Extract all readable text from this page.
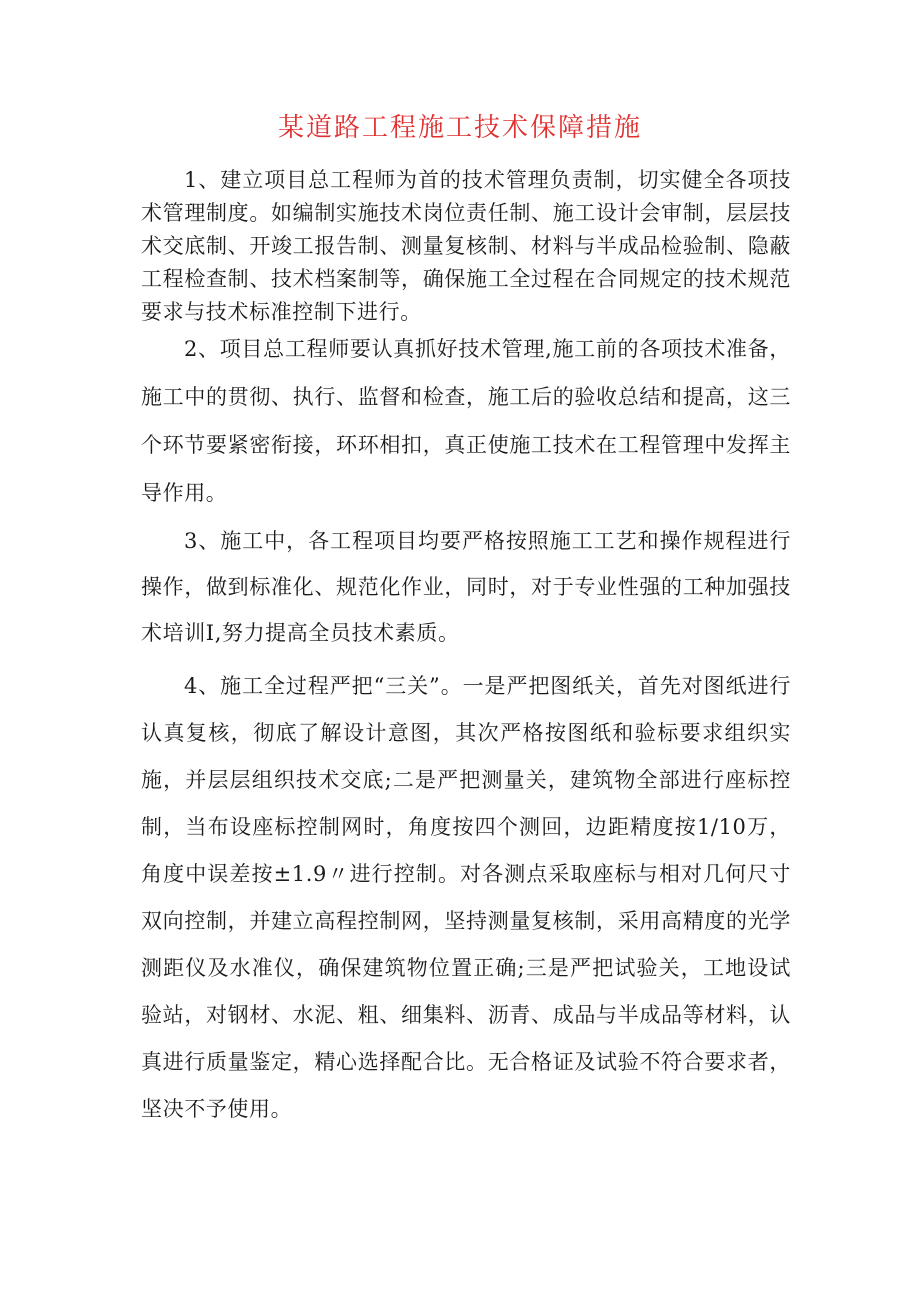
某道路工程施工技术保障措施

1、建立项目总工程师为首的技术管理负责制，切实健全各项技术管理制度。如编制实施技术岗位责任制、施工设计会审制，层层技术交底制、开竣工报告制、测量复核制、材料与半成品检验制、隐蔽工程检查制、技术档案制等，确保施工全过程在合同规定的技术规范要求与技术标准控制下进行。

2、项目总工程师要认真抓好技术管理,施工前的各项技术准备，施工中的贯彻、执行、监督和检查，施工后的验收总结和提高，这三个环节要紧密衔接，环环相扣，真正使施工技术在工程管理中发挥主导作用。

3、施工中，各工程项目均要严格按照施工工艺和操作规程进行操作，做到标准化、规范化作业，同时，对于专业性强的工种加强技术培训I,努力提高全员技术素质。

4、施工全过程严把“三关”。一是严把图纸关，首先对图纸进行认真复核，彻底了解设计意图，其次严格按图纸和验标要求组织实施，并层层组织技术交底;二是严把测量关，建筑物全部进行座标控制，当布设座标控制网时，角度按四个测回，边距精度按1/10万，角度中误差按±1.9〃进行控制。对各测点采取座标与相对几何尺寸双向控制，并建立高程控制网，坚持测量复核制，采用高精度的光学测距仪及水准仪，确保建筑物位置正确;三是严把试验关，工地设试验站，对钢材、水泥、粗、细集料、沥青、成品与半成品等材料，认真进行质量鉴定，精心选择配合比。无合格证及试验不符合要求者，坚决不予使用。
